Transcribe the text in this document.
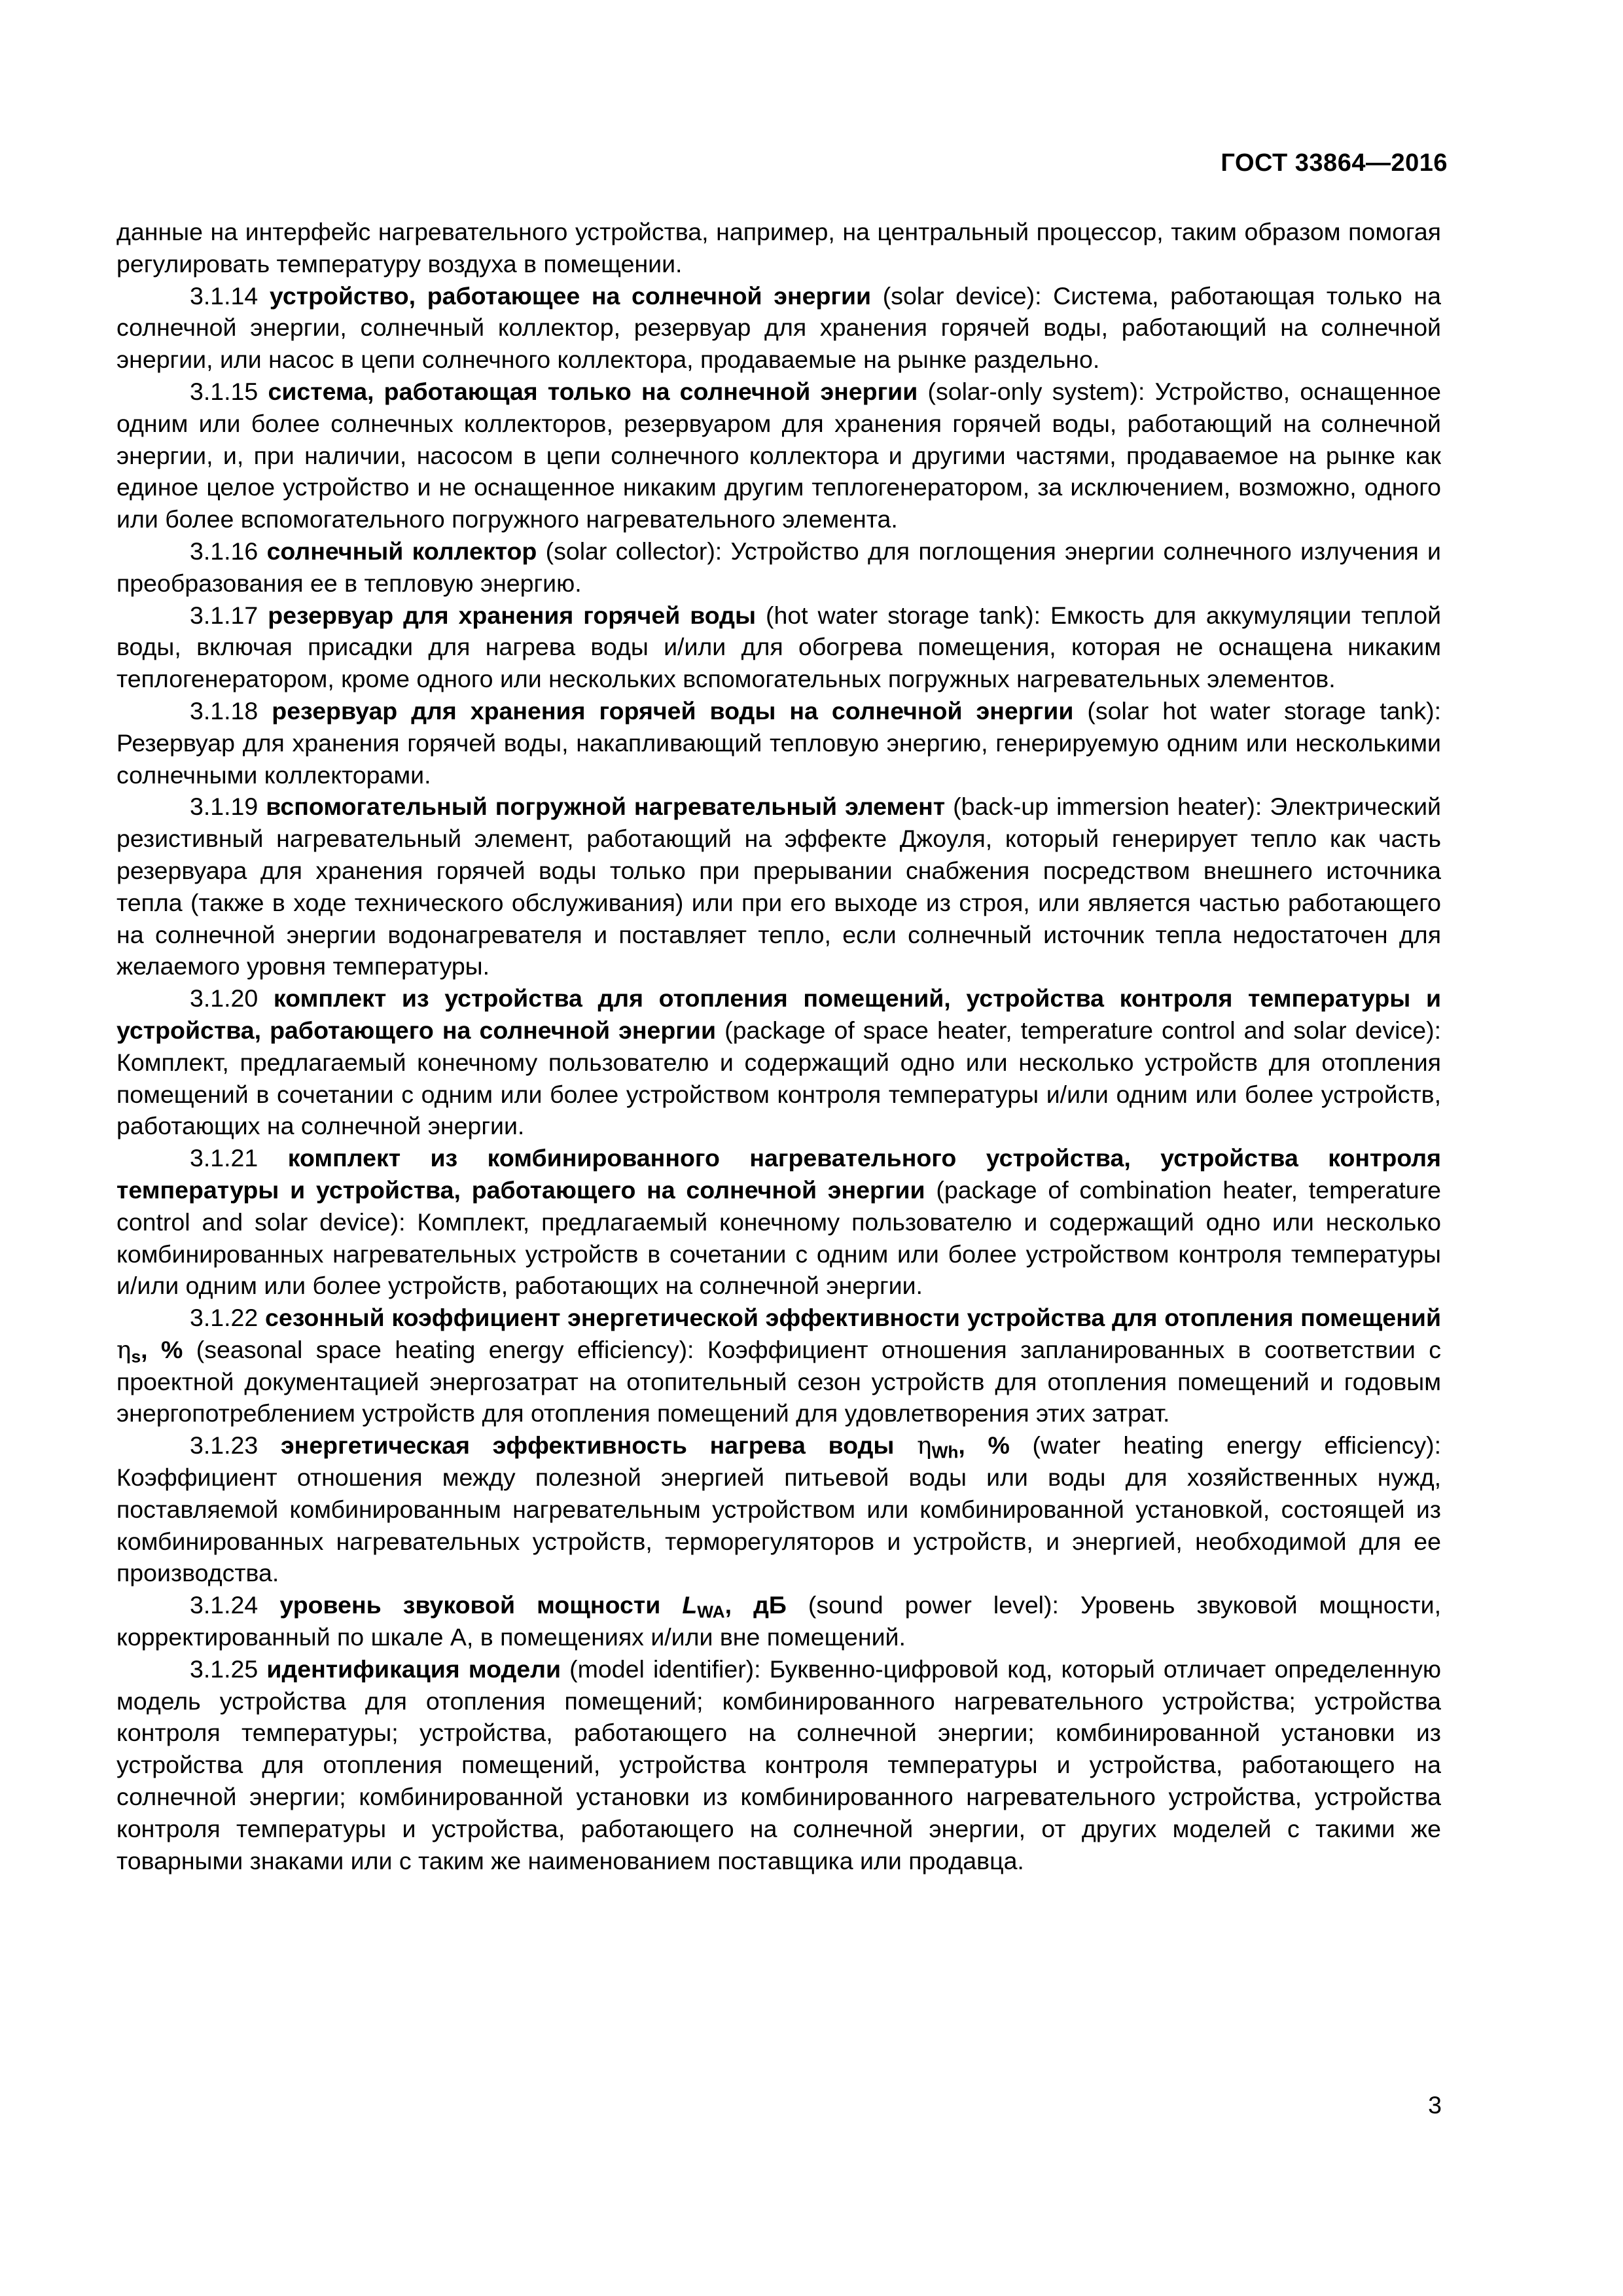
ГОСТ 33864—2016

данные на интерфейс нагревательного устройства, например, на центральный процессор, таким образом помогая регулировать температуру воздуха в помещении.

3.1.14 устройство, работающее на солнечной энергии (solar device): Система, работающая только на солнечной энергии, солнечный коллектор, резервуар для хранения горячей воды, работающий на солнечной энергии, или насос в цепи солнечного коллектора, продаваемые на рынке раздельно.

3.1.15 система, работающая только на солнечной энергии (solar-only system): Устройство, оснащенное одним или более солнечных коллекторов, резервуаром для хранения горячей воды, работающий на солнечной энергии, и, при наличии, насосом в цепи солнечного коллектора и другими частями, продаваемое на рынке как единое целое устройство и не оснащенное никаким другим теплогенератором, за исключением, возможно, одного или более вспомогательного погружного нагревательного элемента.

3.1.16 солнечный коллектор (solar collector): Устройство для поглощения энергии солнечного излучения и преобразования ее в тепловую энергию.

3.1.17 резервуар для хранения горячей воды (hot water storage tank): Емкость для аккумуляции теплой воды, включая присадки для нагрева воды и/или для обогрева помещения, которая не оснащена никаким теплогенератором, кроме одного или нескольких вспомогательных погружных нагревательных элементов.

3.1.18 резервуар для хранения горячей воды на солнечной энергии (solar hot water storage tank): Резервуар для хранения горячей воды, накапливающий тепловую энергию, генерируемую одним или несколькими солнечными коллекторами.

3.1.19 вспомогательный погружной нагревательный элемент (back-up immersion heater): Электрический резистивный нагревательный элемент, работающий на эффекте Джоуля, который генерирует тепло как часть резервуара для хранения горячей воды только при прерывании снабжения посредством внешнего источника тепла (также в ходе технического обслуживания) или при его выходе из строя, или является частью работающего на солнечной энергии водонагревателя и поставляет тепло, если солнечный источник тепла недостаточен для желаемого уровня температуры.

3.1.20 комплект из устройства для отопления помещений, устройства контроля температуры и устройства, работающего на солнечной энергии (package of space heater, temperature control and solar device): Комплект, предлагаемый конечному пользователю и содержащий одно или несколько устройств для отопления помещений в сочетании с одним или более устройством контроля температуры и/или одним или более устройств, работающих на солнечной энергии.

3.1.21 комплект из комбинированного нагревательного устройства, устройства контроля температуры и устройства, работающего на солнечной энергии (package of combination heater, temperature control and solar device): Комплект, предлагаемый конечному пользователю и содержащий одно или несколько комбинированных нагревательных устройств в сочетании с одним или более устройством контроля температуры и/или одним или более устройств, работающих на солнечной энергии.

3.1.22 сезонный коэффициент энергетической эффективности устройства для отопления помещений $\eta_s$, % (seasonal space heating energy efficiency): Коэффициент отношения запланированных в соответствии с проектной документацией энергозатрат на отопительный сезон устройств для отопления помещений и годовым энергопотреблением устройств для отопления помещений для удовлетворения этих затрат.

3.1.23 энергетическая эффективность нагрева воды $\eta_{Wh}$, % (water heating energy efficiency): Коэффициент отношения между полезной энергией питьевой воды или воды для хозяйственных нужд, поставляемой комбинированным нагревательным устройством или комбинированной установкой, состоящей из комбинированных нагревательных устройств, терморегуляторов и устройств, и энергией, необходимой для ее производства.

3.1.24 уровень звуковой мощности $L_{WA}$, дБ (sound power level): Уровень звуковой мощности, корректированный по шкале А, в помещениях и/или вне помещений.

3.1.25 идентификация модели (model identifier): Буквенно-цифровой код, который отличает определенную модель устройства для отопления помещений; комбинированного нагревательного устройства; устройства контроля температуры; устройства, работающего на солнечной энергии; комбинированной установки из устройства для отопления помещений, устройства контроля температуры и устройства, работающего на солнечной энергии; комбинированной установки из комбинированного нагревательного устройства, устройства контроля температуры и устройства, работающего на солнечной энергии, от других моделей с такими же товарными знаками или с таким же наименованием поставщика или продавца.

3
